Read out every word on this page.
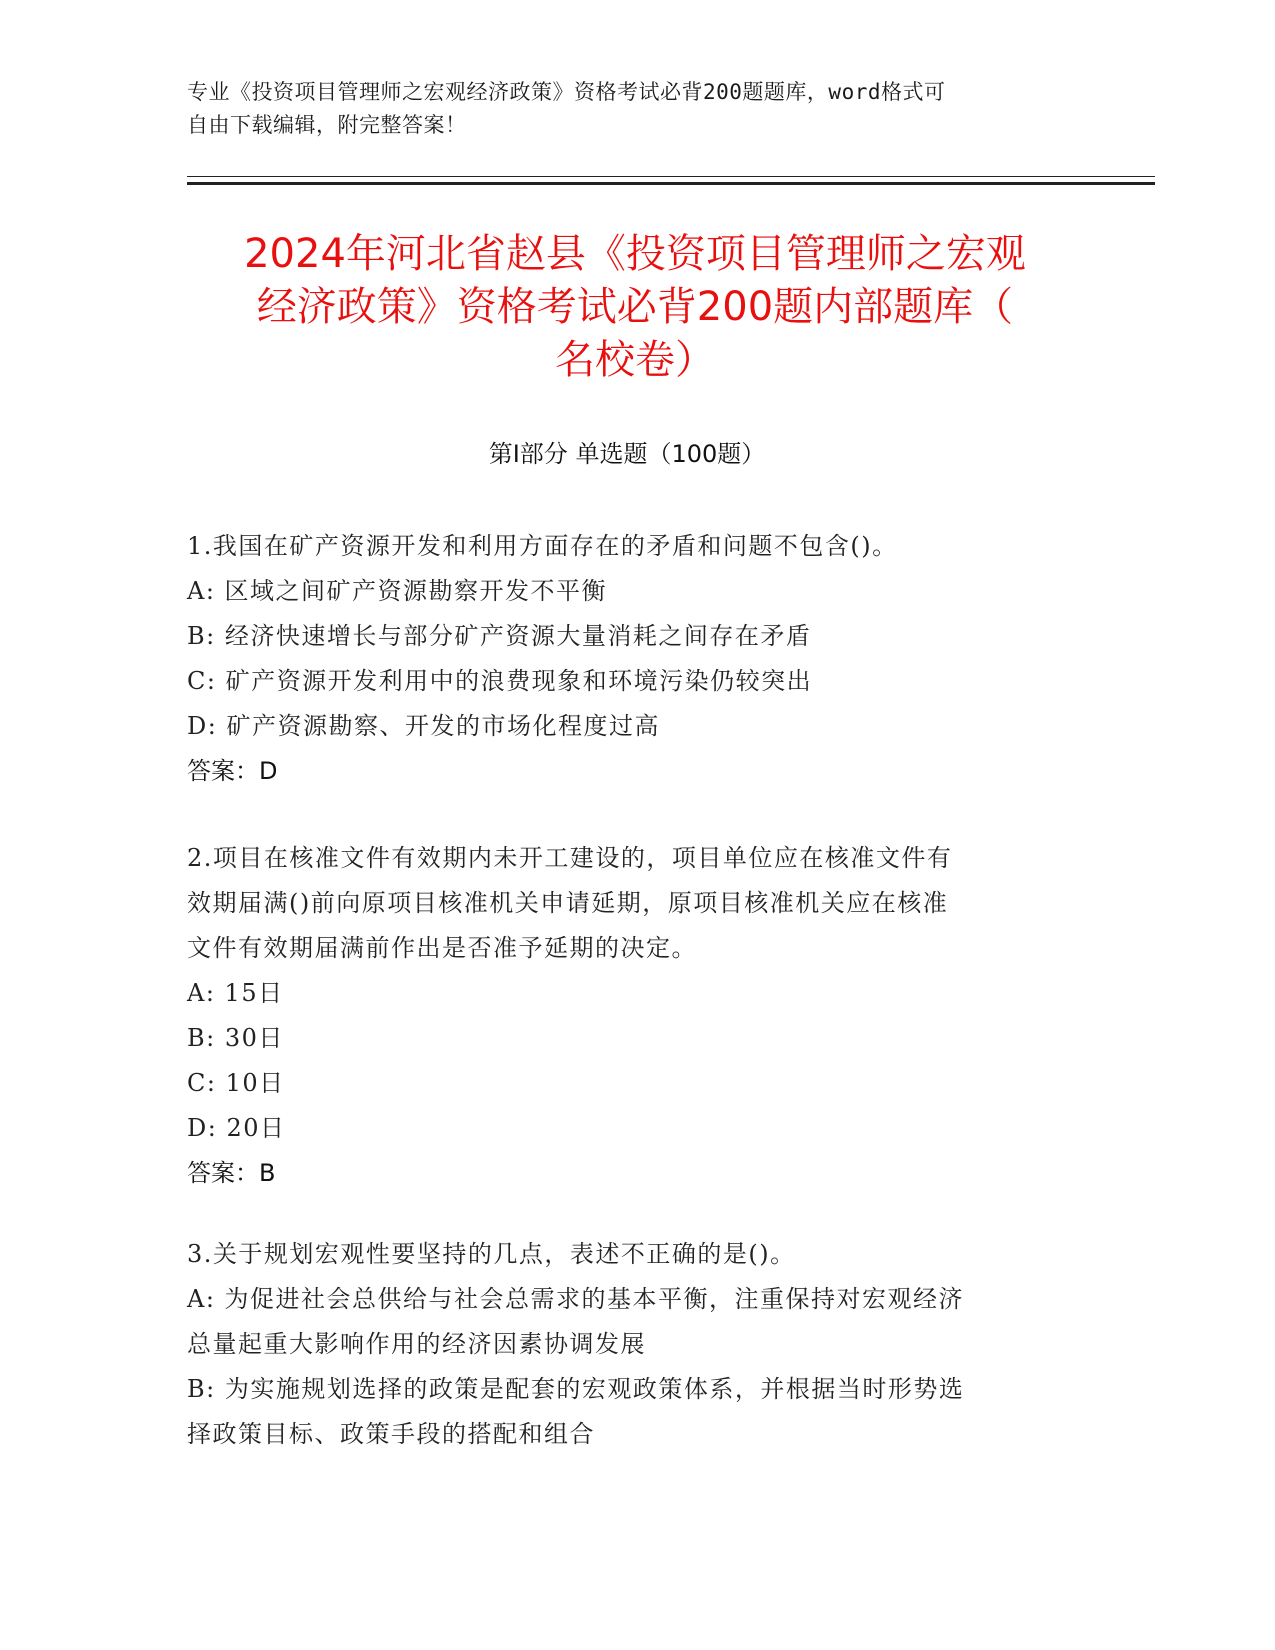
专业《投资项目管理师之宏观经济政策》资格考试必背200题题库，word格式可
自由下载编辑，附完整答案！
2024年河北省赵县《投资项目管理师之宏观
经济政策》资格考试必背200题内部题库（
名校卷）
第Ⅰ部分 单选题（100题）
1.我国在矿产资源开发和利用方面存在的矛盾和问题不包含()。
A: 区域之间矿产资源勘察开发不平衡
B: 经济快速增长与部分矿产资源大量消耗之间存在矛盾
C: 矿产资源开发利用中的浪费现象和环境污染仍较突出
D: 矿产资源勘察、开发的市场化程度过高
答案：D
2.项目在核准文件有效期内未开工建设的，项目单位应在核准文件有
效期届满()前向原项目核准机关申请延期，原项目核准机关应在核准
文件有效期届满前作出是否准予延期的决定。
A: 15日
B: 30日
C: 10日
D: 20日
答案：B
3.关于规划宏观性要坚持的几点，表述不正确的是()。
A: 为促进社会总供给与社会总需求的基本平衡，注重保持对宏观经济
总量起重大影响作用的经济因素协调发展
B: 为实施规划选择的政策是配套的宏观政策体系，并根据当时形势选
择政策目标、政策手段的搭配和组合
